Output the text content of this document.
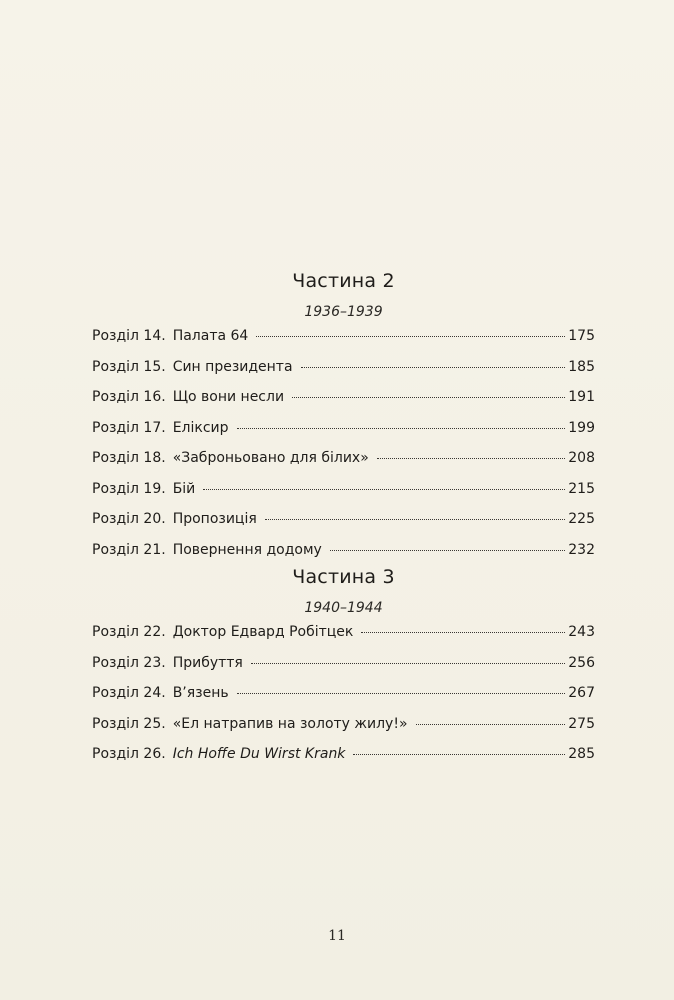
Частина 2
1936–1939
Розділ 14. Палата 64	175
Розділ 15. Син президента	185
Розділ 16. Що вони несли	191
Розділ 17. Еліксир	199
Розділ 18. «Заброньовано для білих»	208
Розділ 19. Бій	215
Розділ 20. Пропозиція	225
Розділ 21. Повернення додому	232
Частина 3
1940–1944
Розділ 22. Доктор Едвард Робітцек	243
Розділ 23. Прибуття	256
Розділ 24. В’язень	267
Розділ 25. «Ел натрапив на золоту жилу!»	275
Розділ 26. Ich Hoffe Du Wirst Krank	285
11
